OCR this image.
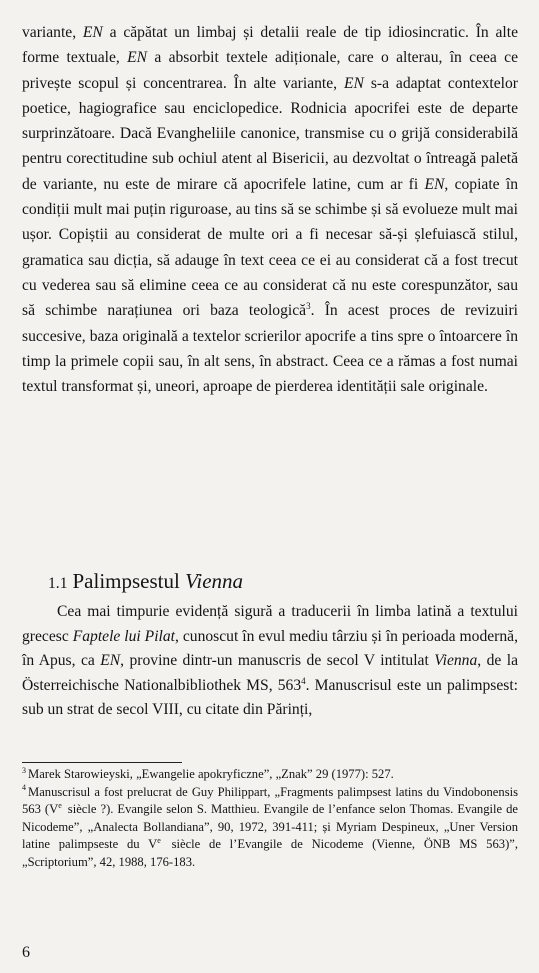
variante, EN a căpătat un limbaj și detalii reale de tip idiosincratic. În alte forme textuale, EN a absorbit textele adiționale, care o alterau, în ceea ce privește scopul și concentrarea. În alte variante, EN s-a adaptat contextelor poetice, hagiografice sau enciclopedice. Rodnicia apocrifei este de departe surprinzătoare. Dacă Evangheliile canonice, transmise cu o grijă considerabilă pentru corectitudine sub ochiul atent al Bisericii, au dezvoltat o întreagă paletă de variante, nu este de mirare că apocrifele latine, cum ar fi EN, copiate în condiții mult mai puțin riguroase, au tins să se schimbe și să evolueze mult mai ușor. Copiștii au considerat de multe ori a fi necesar să-și șlefuiască stilul, gramatica sau dicția, să adauge în text ceea ce ei au considerat că a fost trecut cu vederea sau să elimine ceea ce au considerat că nu este corespunzător, sau să schimbe narațiunea ori baza teologică$^3$. În acest proces de revizuiri succesive, baza originală a textelor scrierilor apocrife a tins spre o întoarcere în timp la primele copii sau, în alt sens, în abstract. Ceea ce a rămas a fost numai textul transformat și, uneori, aproape de pierderea identității sale originale.

1.1 Palimpsestul Vienna

Cea mai timpurie evidență sigură a traducerii în limba latină a textului grecesc Faptele lui Pilat, cunoscut în evul mediu târziu și în perioada modernă, în Apus, ca EN, provine dintr-un manuscris de secol V intitulat Vienna, de la Österreichische Nationalbibliothek MS, $563^4$. Manuscrisul este un palimpsest: sub un strat de secol VIII, cu citate din Părinți,

$^3$ Marek Starowieyski, „Ewangelie apokryficzne”, „Znak” 29 (1977): 527.

$^4$ Manuscrisul a fost prelucrat de Guy Philippart, „Fragments palimpsest latins du Vindobonensis 563 (Ve siècle ?). Evangile selon S. Matthieu. Evangile de l’enfance selon Thomas. Evangile de Nicodeme”, „Analecta Bollandiana”, 90, 1972, 391-411; și Myriam Despineux, „Uner Version latine palimpseste du Ve siècle de l’Evangile de Nicodeme (Vienne, ÖNB MS 563)”, „Scriptorium”, 42, 1988, 176-183.

6
